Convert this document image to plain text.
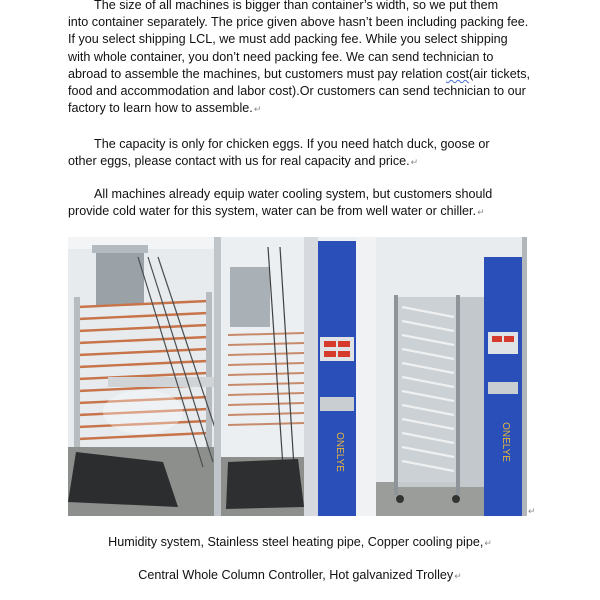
The size of all machines is bigger than container’s width, so we put them
into container separately. The price given above hasn’t been including packing fee. If you select shipping LCL, we must add packing fee. While you select shipping with whole container, you don’t need packing fee. We can send technician to abroad to assemble the machines, but customers must pay relation cost(air tickets, food and accommodation and labor cost).Or customers can send technician to our factory to learn how to assemble.↵

The capacity is only for chicken eggs. If you need hatch duck, goose or
other eggs, please contact with us for real capacity and price.↵

All machines already equip water cooling system, but customers should
provide cold water for this system, water can be from well water or chiller.↵

ONELYE	ONELYE
↵

Humidity system, Stainless steel heating pipe, Copper cooling pipe,↵

Central Whole Column Controller, Hot galvanized Trolley↵
